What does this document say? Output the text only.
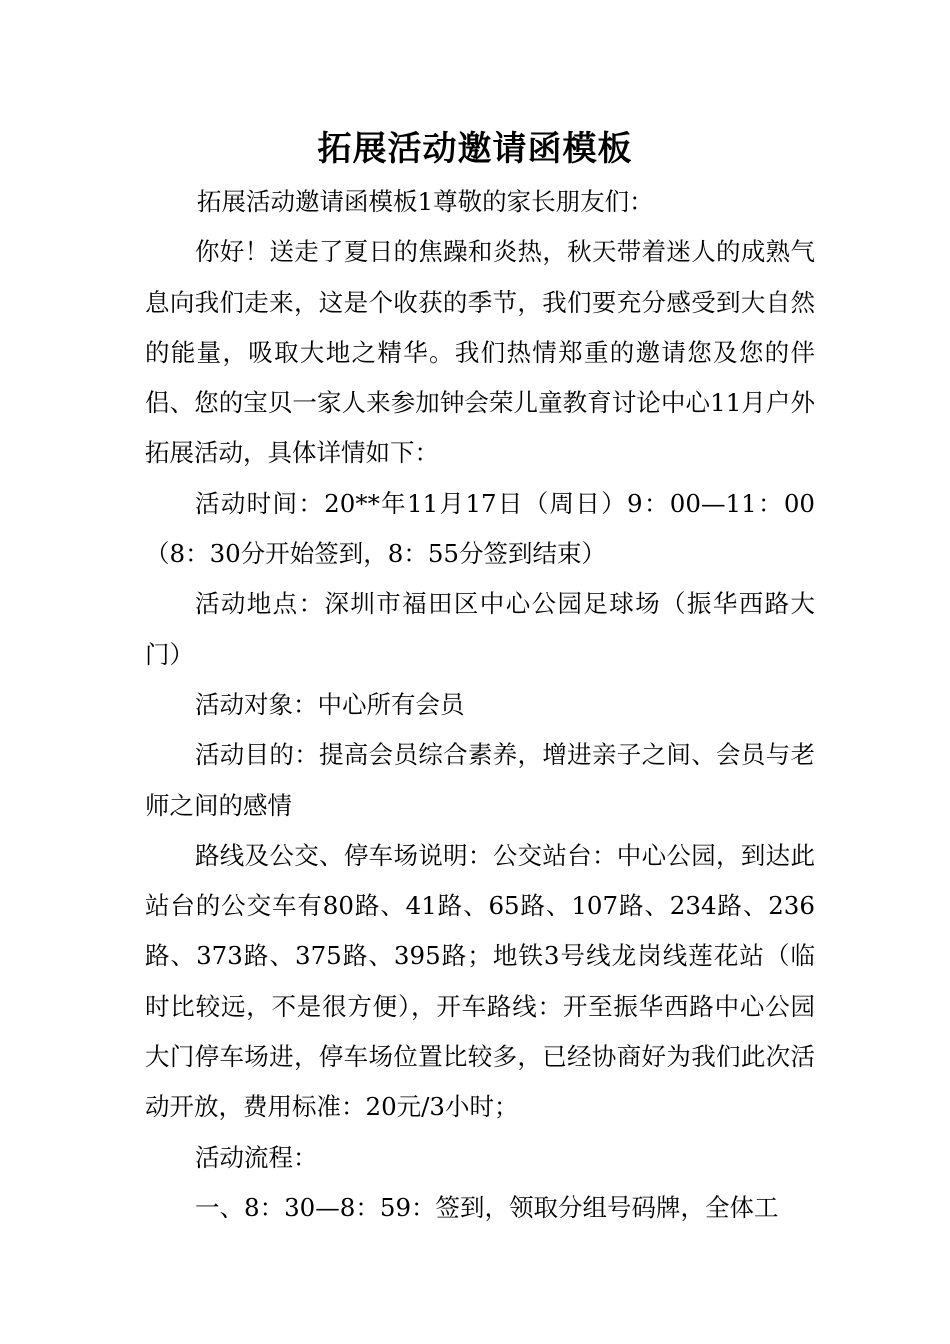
拓展活动邀请函模板

拓展活动邀请函模板1尊敬的家长朋友们：

你好！送走了夏日的焦躁和炎热，秋天带着迷人的成熟气息向我们走来，这是个收获的季节，我们要充分感受到大自然的能量，吸取大地之精华。我们热情郑重的邀请您及您的伴侣、您的宝贝一家人来参加钟会荣儿童教育讨论中心11月户外拓展活动，具体详情如下：

活动时间：20**年11月17日（周日）9：00—11：00（8：30分开始签到，8：55分签到结束）

活动地点：深圳市福田区中心公园足球场（振华西路大门）

活动对象：中心所有会员

活动目的：提高会员综合素养，增进亲子之间、会员与老师之间的感情

路线及公交、停车场说明：公交站台：中心公园，到达此站台的公交车有80路、41路、65路、107路、234路、236路、373路、375路、395路；地铁3号线龙岗线莲花站（临时比较远，不是很方便），开车路线：开至振华西路中心公园大门停车场进，停车场位置比较多，已经协商好为我们此次活动开放，费用标准：20元/3小时；

活动流程：

一、8：30—8：59：签到，领取分组号码牌，全体工
